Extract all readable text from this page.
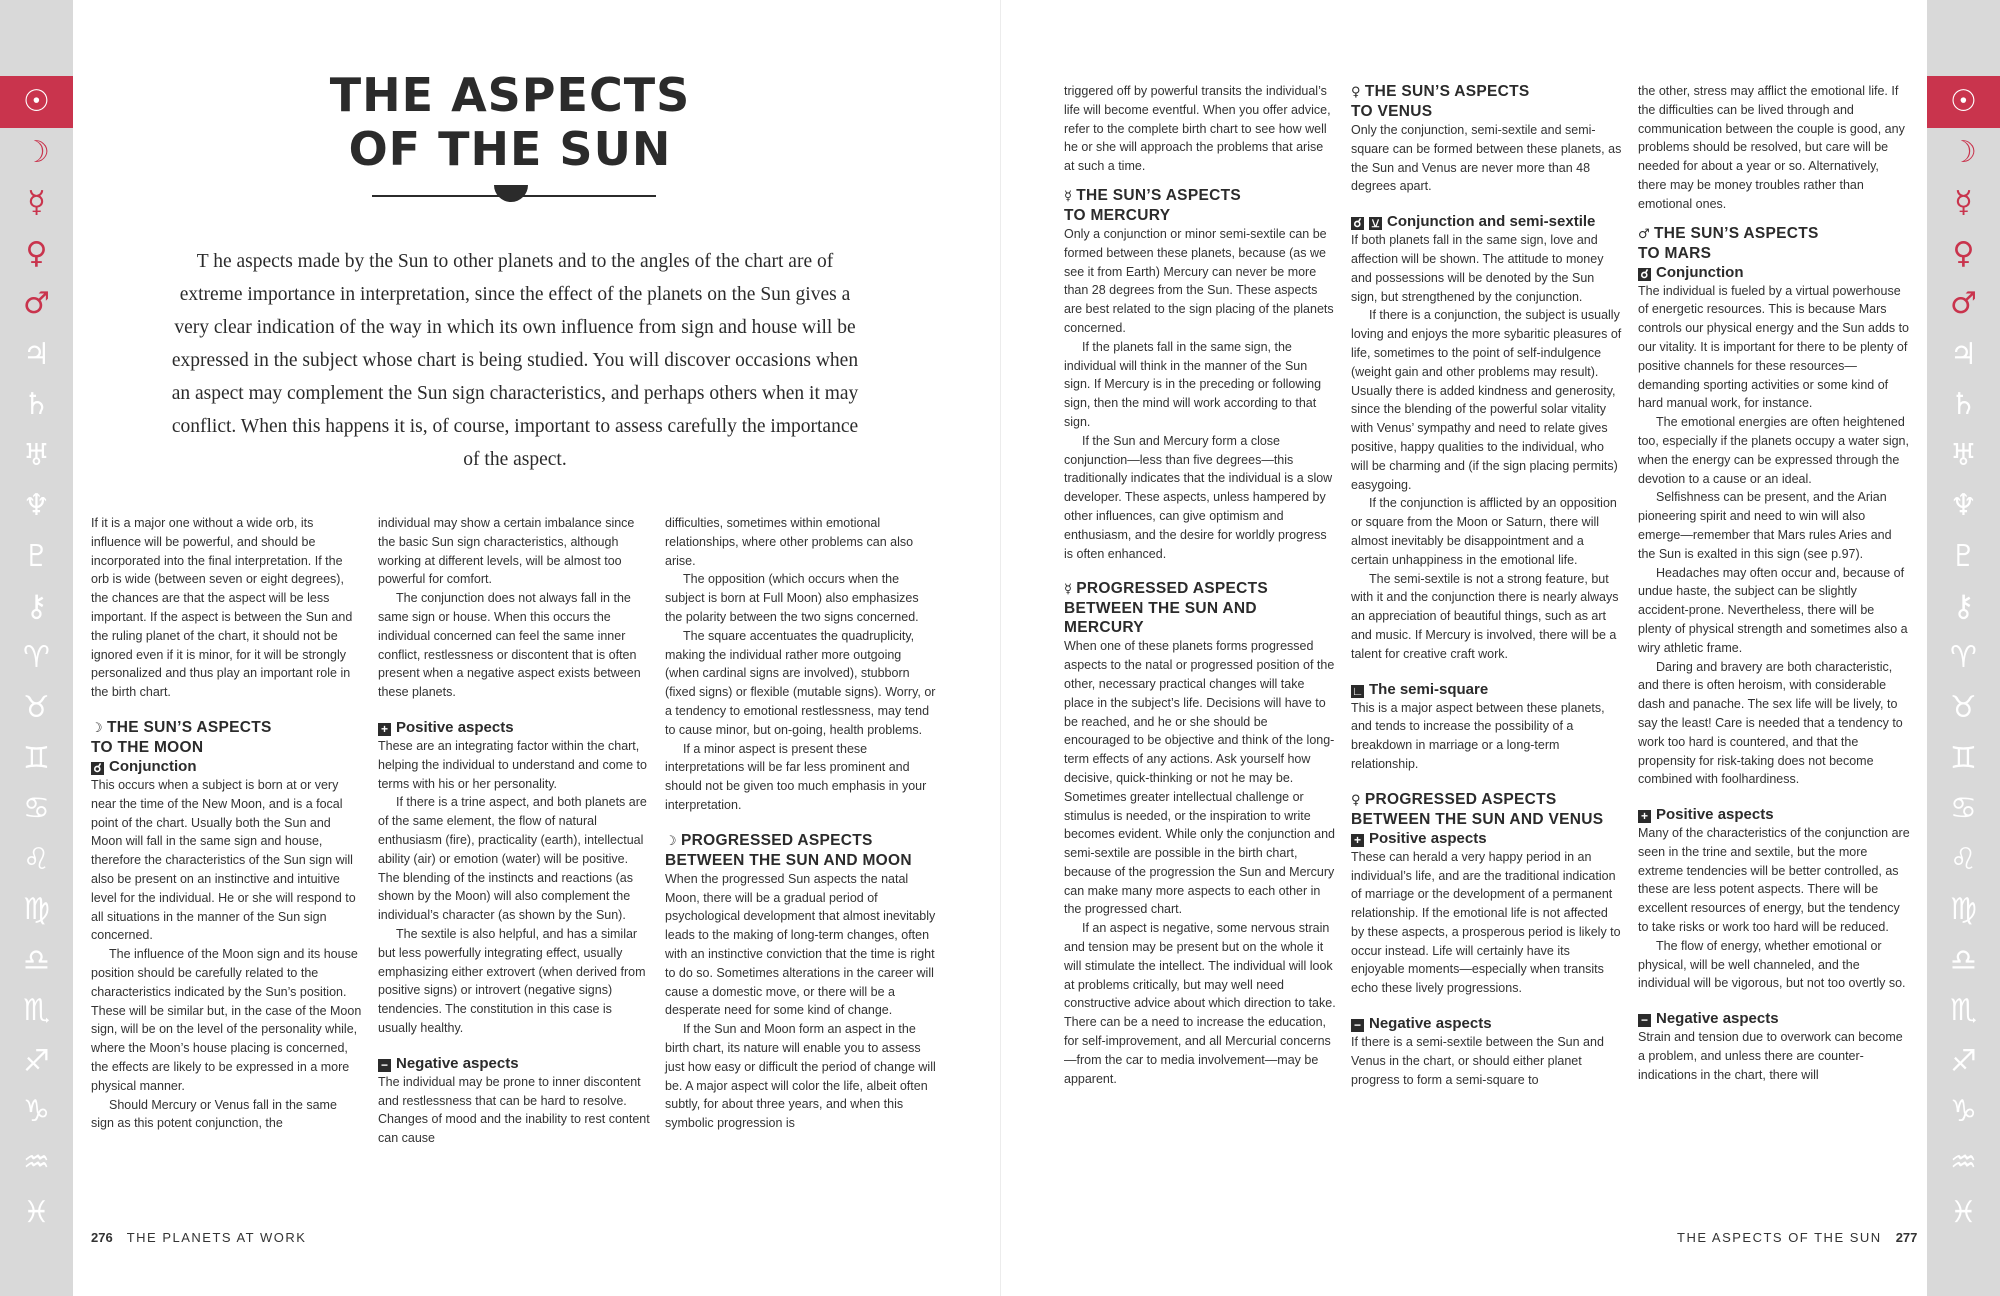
☉
☽
☿
♀
♂
♃
♄
♅
♆
♇
⚷
♈
♉
♊
♋
♌
♍
♎
♏
♐
♑
♒
♓
☉
☽
☿
♀
♂
♃
♄
♅
♆
♇
⚷
♈
♉
♊
♋
♌
♍
♎
♏
♐
♑
♒
♓
THE ASPECTS
OF THE SUN
T he aspects made by the Sun to other planets and to the angles of the chart are of extreme importance in interpretation, since the effect of the planets on the Sun gives a very clear indication of the way in which its own influence from sign and house will be expressed in the subject whose chart is being studied. You will discover occasions when an aspect may complement the Sun sign characteristics, and perhaps others when it may conflict. When this happens it is, of course, important to assess carefully the importance of the aspect.

If it is a major one without a wide orb, its influence will be powerful, and should be incorporated into the final interpretation. If the orb is wide (between seven or eight degrees), the chances are that the aspect will be less important. If the aspect is between the Sun and the ruling planet of the chart, it should not be ignored even if it is minor, for it will be strongly personalized and thus play an important role in the birth chart.

☽ THE SUN’S ASPECTS
TO THE MOON
☌ Conjunction

This occurs when a subject is born at or very near the time of the New Moon, and is a focal point of the chart. Usually both the Sun and Moon will fall in the same sign and house, therefore the characteristics of the Sun sign will also be present on an instinctive and intuitive level for the individual. He or she will respond to all situations in the manner of the Sun sign concerned.

The influence of the Moon sign and its house position should be carefully related to the characteristics indicated by the Sun’s position. These will be similar but, in the case of the Moon sign, will be on the level of the personality while, where the Moon’s house placing is concerned, the effects are likely to be expressed in a more physical manner.

Should Mercury or Venus fall in the same sign as this potent conjunction, the

individual may show a certain imbalance since the basic Sun sign characteristics, although working at different levels, will be almost too powerful for comfort.

The conjunction does not always fall in the same sign or house. When this occurs the individual concerned can feel the same inner conflict, restlessness or discontent that is often present when a negative aspect exists between these planets.

+ Positive aspects

These are an integrating factor within the chart, helping the individual to understand and come to terms with his or her personality.

If there is a trine aspect, and both planets are of the same element, the flow of natural enthusiasm (fire), practicality (earth), intellectual ability (air) or emotion (water) will be positive. The blending of the instincts and reactions (as shown by the Moon) will also complement the individual’s character (as shown by the Sun).

The sextile is also helpful, and has a similar but less powerfully integrating effect, usually emphasizing either extrovert (when derived from positive signs) or introvert (negative signs) tendencies. The constitution in this case is usually healthy.

− Negative aspects

The individual may be prone to inner discontent and restlessness that can be hard to resolve. Changes of mood and the inability to rest content can cause

difficulties, sometimes within emotional relationships, where other problems can also arise.

The opposition (which occurs when the subject is born at Full Moon) also emphasizes the polarity between the two signs concerned.

The square accentuates the quadruplicity, making the individual rather more outgoing (when cardinal signs are involved), stubborn (fixed signs) or flexible (mutable signs). Worry, or a tendency to emotional restlessness, may tend to cause minor, but on-going, health problems.

If a minor aspect is present these interpretations will be far less prominent and should not be given too much emphasis in your interpretation.

☽ PROGRESSED ASPECTS
BETWEEN THE SUN AND MOON

When the progressed Sun aspects the natal Moon, there will be a gradual period of psychological development that almost inevitably leads to the making of long-term changes, often with an instinctive conviction that the time is right to do so. Sometimes alterations in the career will cause a domestic move, or there will be a desperate need for some kind of change.

If the Sun and Moon form an aspect in the birth chart, its nature will enable you to assess just how easy or difficult the period of change will be. A major aspect will color the life, albeit often subtly, for about three years, and when this symbolic progression is

triggered off by powerful transits the individual’s life will become eventful. When you offer advice, refer to the complete birth chart to see how well he or she will approach the problems that arise at such a time.

☿ THE SUN’S ASPECTS
TO MERCURY

Only a conjunction or minor semi-sextile can be formed between these planets, because (as we see it from Earth) Mercury can never be more than 28 degrees from the Sun. These aspects are best related to the sign placing of the planets concerned.

If the planets fall in the same sign, the individual will think in the manner of the Sun sign. If Mercury is in the preceding or following sign, then the mind will work according to that sign.

If the Sun and Mercury form a close conjunction—less than five degrees—this traditionally indicates that the individual is a slow developer. These aspects, unless hampered by other influences, can give optimism and enthusiasm, and the desire for worldly progress is often enhanced.

☿ PROGRESSED ASPECTS
BETWEEN THE SUN AND
MERCURY

When one of these planets forms progressed aspects to the natal or progressed position of the other, necessary practical changes will take place in the subject’s life. Decisions will have to be reached, and he or she should be encouraged to be objective and think of the long-term effects of any actions. Ask yourself how decisive, quick-thinking or not he may be. Sometimes greater intellectual challenge or stimulus is needed, or the inspiration to write becomes evident. While only the conjunction and semi-sextile are possible in the birth chart, because of the progression the Sun and Mercury can make many more aspects to each other in the progressed chart.

If an aspect is negative, some nervous strain and tension may be present but on the whole it will stimulate the intellect. The individual will look at problems critically, but may well need constructive advice about which direction to take. There can be a need to increase the education, for self-improvement, and all Mercurial concerns—from the car to media involvement—may be apparent.

♀ THE SUN’S ASPECTS
TO VENUS

Only the conjunction, semi-sextile and semi-square can be formed between these planets, as the Sun and Venus are never more than 48 degrees apart.

☌ ⚺ Conjunction and semi-sextile

If both planets fall in the same sign, love and affection will be shown. The attitude to money and possessions will be denoted by the Sun sign, but strengthened by the conjunction.

If there is a conjunction, the subject is usually loving and enjoys the more sybaritic pleasures of life, sometimes to the point of self-indulgence (weight gain and other problems may result). Usually there is added kindness and generosity, since the blending of the powerful solar vitality with Venus’ sympathy and need to relate gives positive, happy qualities to the individual, who will be charming and (if the sign placing permits) easygoing.

If the conjunction is afflicted by an opposition or square from the Moon or Saturn, there will almost inevitably be disappointment and a certain unhappiness in the emotional life.

The semi-sextile is not a strong feature, but with it and the conjunction there is nearly always an appreciation of beautiful things, such as art and music. If Mercury is involved, there will be a talent for creative craft work.

∟ The semi-square

This is a major aspect between these planets, and tends to increase the possibility of a breakdown in marriage or a long-term relationship.

♀ PROGRESSED ASPECTS
BETWEEN THE SUN AND VENUS
+ Positive aspects

These can herald a very happy period in an individual’s life, and are the traditional indication of marriage or the development of a permanent relationship. If the emotional life is not affected by these aspects, a prosperous period is likely to occur instead. Life will certainly have its enjoyable moments—especially when transits echo these lively progressions.

− Negative aspects

If there is a semi-sextile between the Sun and Venus in the chart, or should either planet progress to form a semi-square to

the other, stress may afflict the emotional life. If the difficulties can be lived through and communication between the couple is good, any problems should be resolved, but care will be needed for about a year or so. Alternatively, there may be money troubles rather than emotional ones.

♂ THE SUN’S ASPECTS
TO MARS
☌ Conjunction

The individual is fueled by a virtual powerhouse of energetic resources. This is because Mars controls our physical energy and the Sun adds to our vitality. It is important for there to be plenty of positive channels for these resources—demanding sporting activities or some kind of hard manual work, for instance.

The emotional energies are often heightened too, especially if the planets occupy a water sign, when the energy can be expressed through the devotion to a cause or an ideal.

Selfishness can be present, and the Arian pioneering spirit and need to win will also emerge—remember that Mars rules Aries and the Sun is exalted in this sign (see p.97).

Headaches may often occur and, because of undue haste, the subject can be slightly accident-prone. Nevertheless, there will be plenty of physical strength and sometimes also a wiry athletic frame.

Daring and bravery are both characteristic, and there is often heroism, with considerable dash and panache. The sex life will be lively, to say the least! Care is needed that a tendency to work too hard is countered, and that the propensity for risk-taking does not become combined with foolhardiness.

+ Positive aspects

Many of the characteristics of the conjunction are seen in the trine and sextile, but the more extreme tendencies will be better controlled, as these are less potent aspects. There will be excellent resources of energy, but the tendency to take risks or work too hard will be reduced.

The flow of energy, whether emotional or physical, will be well channeled, and the individual will be vigorous, but not too overtly so.

− Negative aspects

Strain and tension due to overwork can become a problem, and unless there are counter-indications in the chart, there will

276 THE PLANETS AT WORK	THE ASPECTS OF THE SUN 277
